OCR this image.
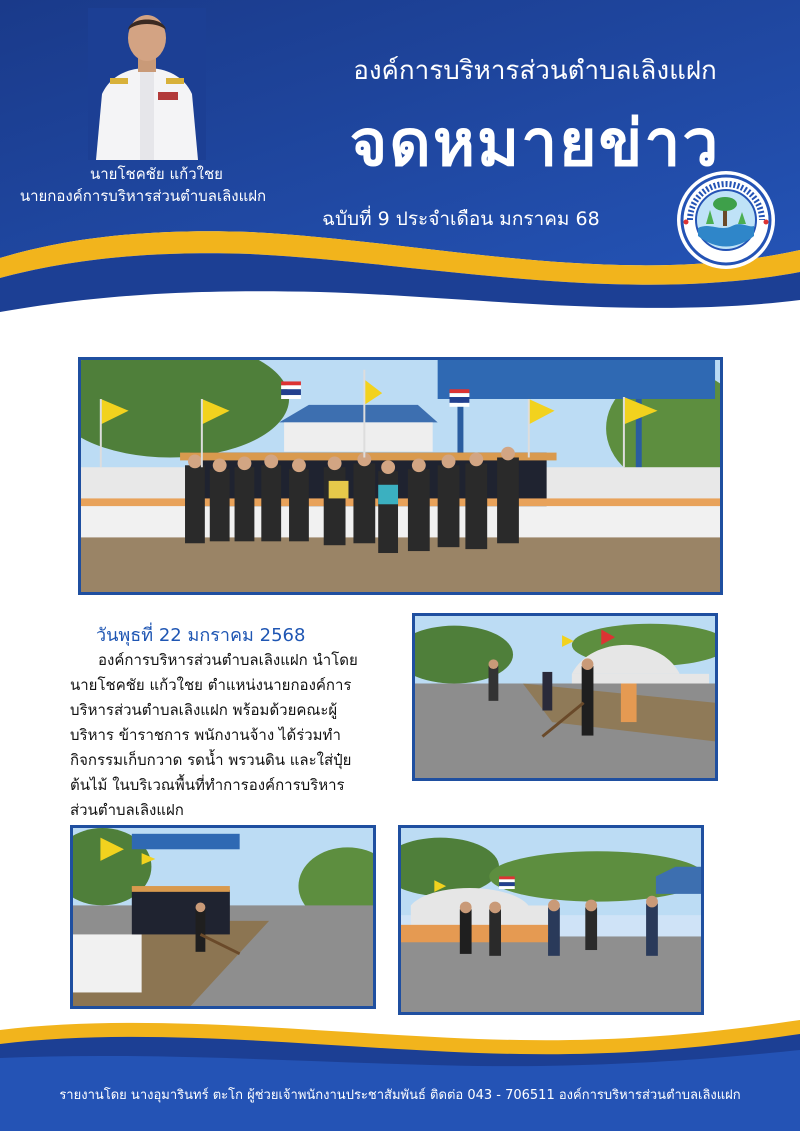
นายโชคชัย แก้วใชย
นายกองค์การบริหารส่วนตำบลเลิงแฝก
องค์การบริหารส่วนตำบลเลิงแฝก
จดหมายข่าว
ฉบับที่ 9 ประจำเดือน มกราคม 68
วันพุธที่ 22 มกราคม 2568
องค์การบริหารส่วนตำบลเลิงแฝก นำโดยนายโชคชัย แก้วใชย ตำแหน่งนายกองค์การบริหารส่วนตำบลเลิงแฝก พร้อมด้วยคณะผู้บริหาร ข้าราชการ พนักงานจ้าง ได้ร่วมทำกิจกรรมเก็บกวาด รดน้ำ พรวนดิน และใส่ปุ๋ยต้นไม้ ในบริเวณพื้นที่ทำการองค์การบริหารส่วนตำบลเลิงแฝก
รายงานโดย นางอุมารินทร์ ตะโก ผู้ช่วยเจ้าพนักงานประชาสัมพันธ์ ติดต่อ 043 - 706511 องค์การบริหารส่วนตำบลเลิงแฝก
